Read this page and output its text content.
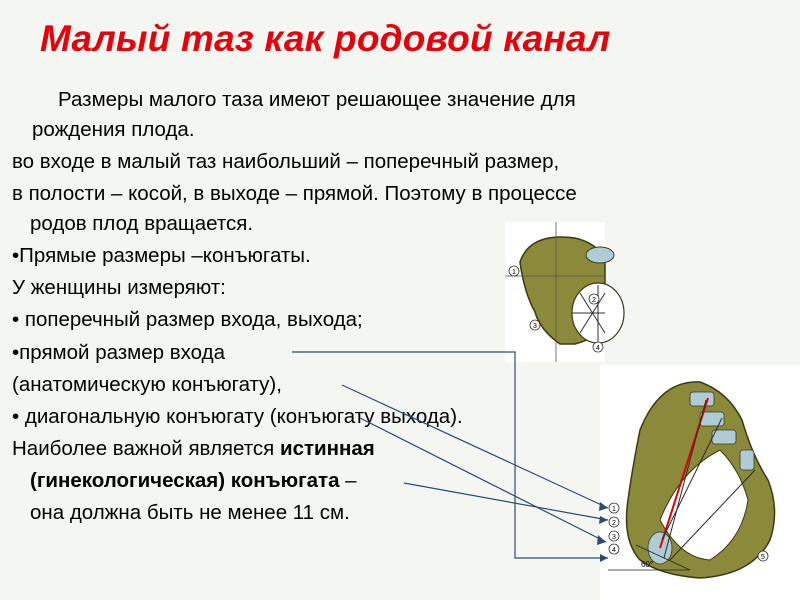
Малый таз как родовой канал
Размеры малого таза имеют решающее значение для
рождения плода.
во входе в малый таз наибольший – поперечный размер,
в полости – косой, в выходе – прямой. Поэтому в процессе
родов плод вращается.
•Прямые размеры –конъюгаты.
У женщины измеряют:
• поперечный размер входа, выхода;
•прямой размер входа
(анатомическую конъюгату),
• диагональную конъюгату (конъюгату выхода).
Наиболее важной является истинная
(гинекологическая) конъюгата –
она должна быть не менее 11 см.
1
2
3
4
60°
1
2
3
4
5
